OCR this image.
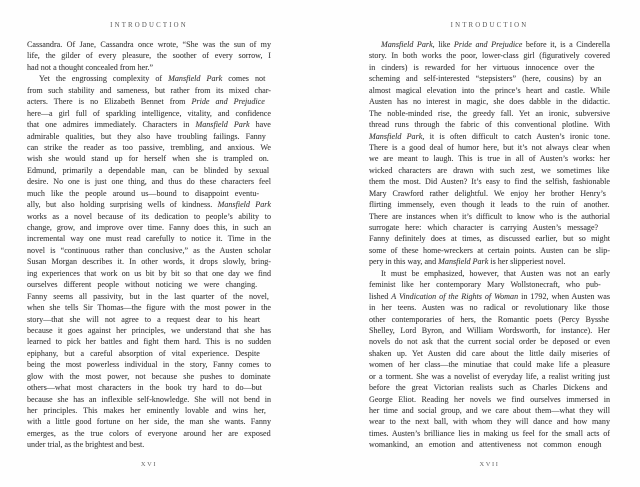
INTRODUCTION
Cassandra. Of Jane, Cassandra once wrote, “She was the sun of my
life, the gilder of every pleasure, the soother of every sorrow, I
had not a thought concealed from her.”
Yet the engrossing complexity of Mansfield Park comes not
from such stability and sameness, but rather from its mixed char-
acters. There is no Elizabeth Bennet from Pride and Prejudice
here—a girl full of sparkling intelligence, vitality, and confidence
that one admires immediately. Characters in Mansfield Park have
admirable qualities, but they also have troubling failings. Fanny
can strike the reader as too passive, trembling, and anxious. We
wish she would stand up for herself when she is trampled on.
Edmund, primarily a dependable man, can be blinded by sexual
desire. No one is just one thing, and thus do these characters feel
much like the people around us—bound to disappoint eventu-
ally, but also holding surprising wells of kindness. Mansfield Park
works as a novel because of its dedication to people’s ability to
change, grow, and improve over time. Fanny does this, in such an
incremental way one must read carefully to notice it. Time in the
novel is “continuous rather than conclusive,” as the Austen scholar
Susan Morgan describes it. In other words, it drops slowly, bring-
ing experiences that work on us bit by bit so that one day we find
ourselves different people without noticing we were changing.
Fanny seems all passivity, but in the last quarter of the novel,
when she tells Sir Thomas—the figure with the most power in the
story—that she will not agree to a request dear to his heart
because it goes against her principles, we understand that she has
learned to pick her battles and fight them hard. This is no sudden
epiphany, but a careful absorption of vital experience. Despite
being the most powerless individual in the story, Fanny comes to
glow with the most power, not because she pushes to dominate
others—what most characters in the book try hard to do—but
because she has an inflexible self-knowledge. She will not bend in
her principles. This makes her eminently lovable and wins her,
with a little good fortune on her side, the man she wants. Fanny
emerges, as the true colors of everyone around her are exposed
under trial, as the brightest and best.
XVI
INTRODUCTION
Mansfield Park, like Pride and Prejudice before it, is a Cinderella
story. In both works the poor, lower-class girl (figuratively covered
in cinders) is rewarded for her virtuous innocence over the
scheming and self-interested “stepsisters” (here, cousins) by an
almost magical elevation into the prince’s heart and castle. While
Austen has no interest in magic, she does dabble in the didactic.
The noble-minded rise, the greedy fall. Yet an ironic, subversive
thread runs through the fabric of this conventional plotline. With
Mansfield Park, it is often difficult to catch Austen’s ironic tone.
There is a good deal of humor here, but it’s not always clear when
we are meant to laugh. This is true in all of Austen’s works: her
wicked characters are drawn with such zest, we sometimes like
them the most. Did Austen? It’s easy to find the selfish, fashionable
Mary Crawford rather delightful. We enjoy her brother Henry’s
flirting immensely, even though it leads to the ruin of another.
There are instances when it’s difficult to know who is the authorial
surrogate here: which character is carrying Austen’s message?
Fanny definitely does at times, as discussed earlier, but so might
some of these home-wreckers at certain points. Austen can be slip-
pery in this way, and Mansfield Park is her slipperiest novel.
It must be emphasized, however, that Austen was not an early
feminist like her contemporary Mary Wollstonecraft, who pub-
lished A Vindication of the Rights of Woman in 1792, when Austen was
in her teens. Austen was no radical or revolutionary like those
other contemporaries of hers, the Romantic poets (Percy Bysshe
Shelley, Lord Byron, and William Wordsworth, for instance). Her
novels do not ask that the current social order be deposed or even
shaken up. Yet Austen did care about the little daily miseries of
women of her class—the minutiae that could make life a pleasure
or a torment. She was a novelist of everyday life, a realist writing just
before the great Victorian realists such as Charles Dickens and
George Eliot. Reading her novels we find ourselves immersed in
her time and social group, and we care about them—what they will
wear to the next ball, with whom they will dance and how many
times. Austen’s brilliance lies in making us feel for the small acts of
womankind, an emotion and attentiveness not common enough
XVII
